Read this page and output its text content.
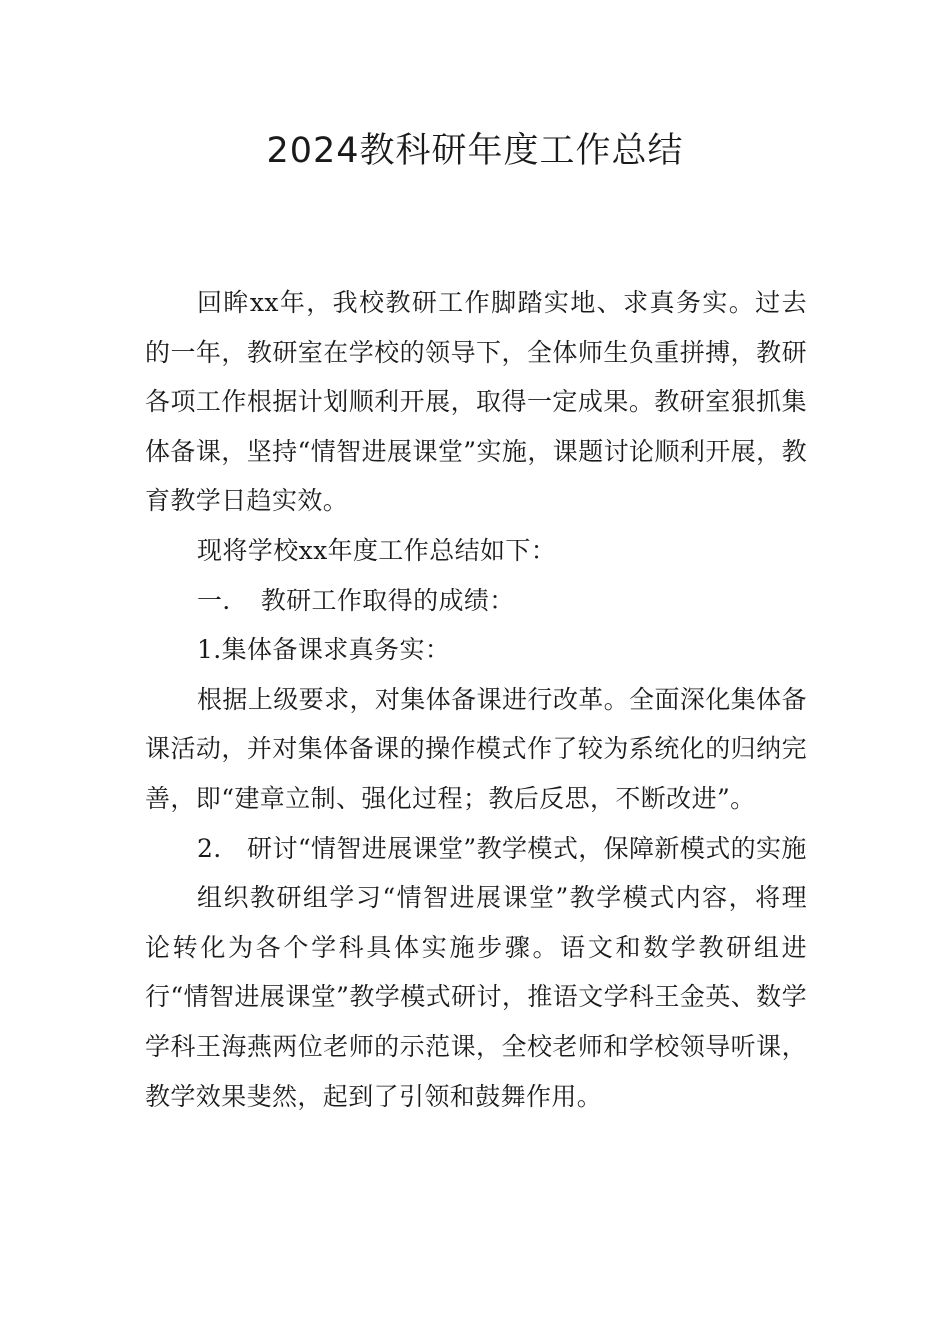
2024教科研年度工作总结

回眸xx年，我校教研工作脚踏实地、求真务实。过去的一年，教研室在学校的领导下，全体师生负重拼搏，教研各项工作根据计划顺利开展，取得一定成果。教研室狠抓集体备课，坚持“情智进展课堂”实施，课题讨论顺利开展，教育教学日趋实效。

现将学校xx年度工作总结如下：

一．　教研工作取得的成绩：

1.集体备课求真务实：

根据上级要求，对集体备课进行改革。全面深化集体备课活动，并对集体备课的操作模式作了较为系统化的归纳完善，即“建章立制、强化过程；教后反思，不断改进”。

2.　研讨“情智进展课堂”教学模式，保障新模式的实施

组织教研组学习“情智进展课堂”教学模式内容，将理论转化为各个学科具体实施步骤。语文和数学教研组进行“情智进展课堂”教学模式研讨，推语文学科王金英、数学学科王海燕两位老师的示范课，全校老师和学校领导听课，教学效果斐然，起到了引领和鼓舞作用。
